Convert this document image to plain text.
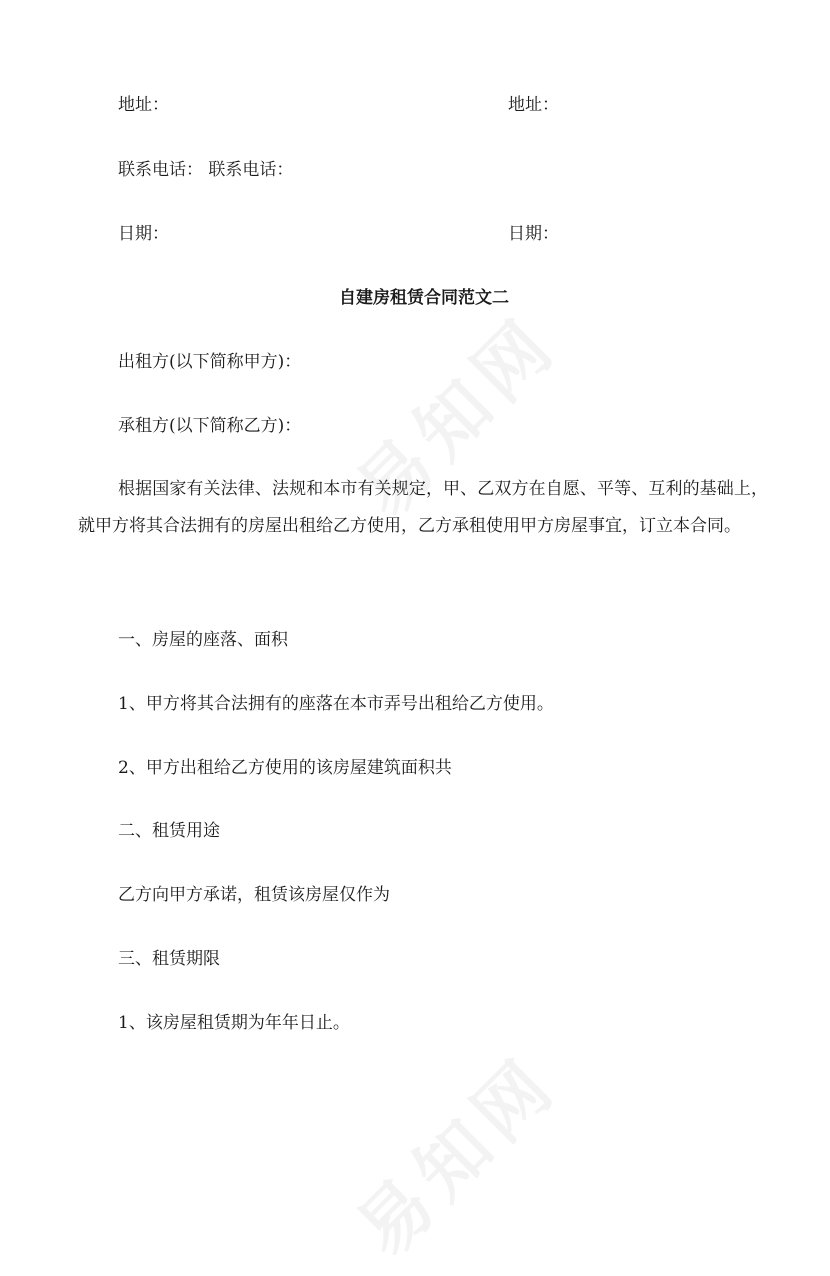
地址：	地址：
联系电话： 联系电话：
日期：	日期：
自建房租赁合同范文二
出租方(以下简称甲方)：
承租方(以下简称乙方)：
根据国家有关法律、法规和本市有关规定，甲、乙双方在自愿、平等、互利的基础上，就甲方将其合法拥有的房屋出租给乙方使用，乙方承租使用甲方房屋事宜，订立本合同。
一、房屋的座落、面积
1、甲方将其合法拥有的座落在本市弄号出租给乙方使用。
2、甲方出租给乙方使用的该房屋建筑面积共
二、租赁用途
乙方向甲方承诺，租赁该房屋仅作为
三、租赁期限
1、该房屋租赁期为年年日止。
